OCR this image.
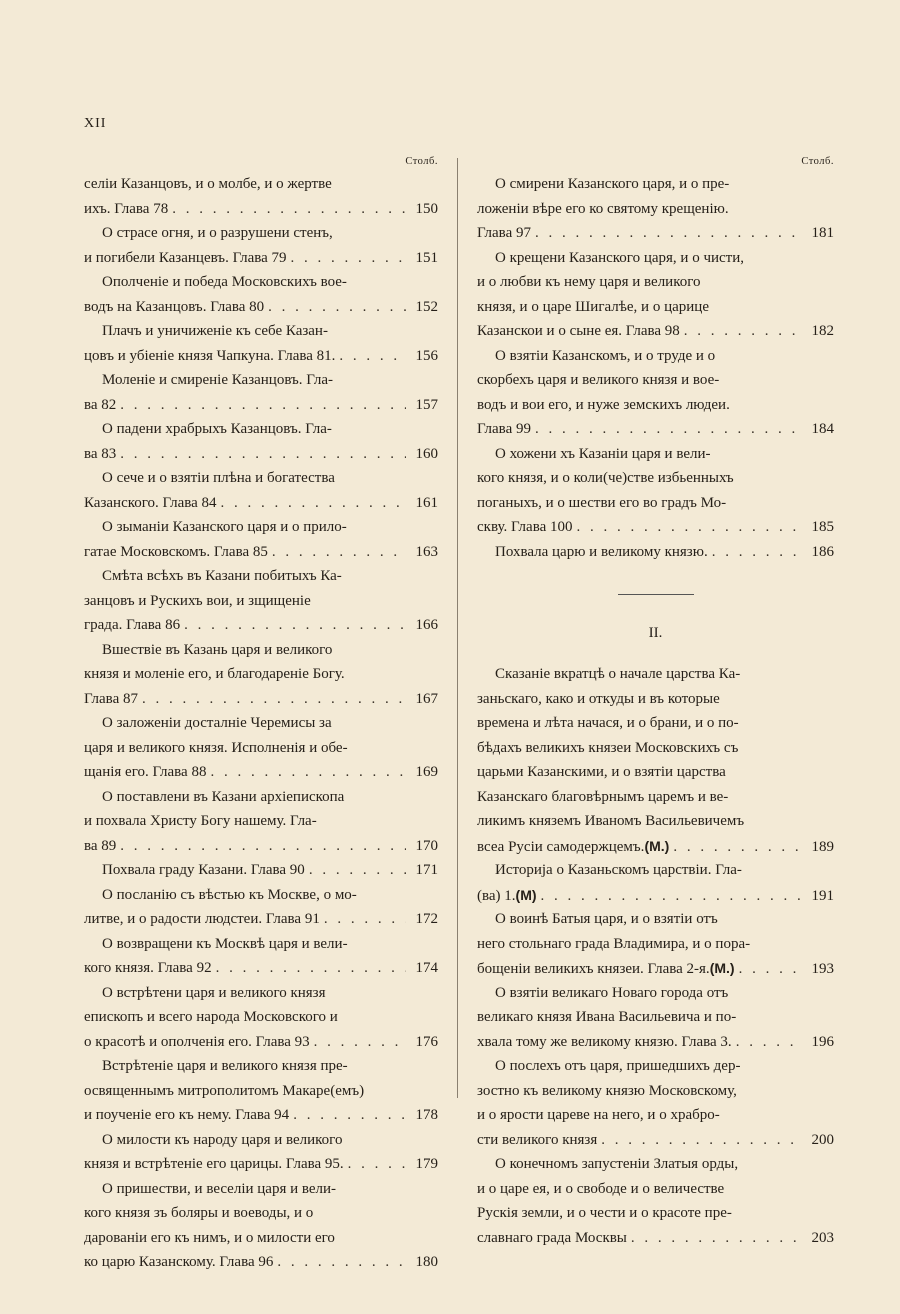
XII
Столб.
селіи Казанцовъ, и о молбе, и о жертве
ихъ. Глава 78 . . .	150
О страсе огня, и о разрушени стенъ,
и погибели Казанцевъ. Глава 79 . . .	151
Ополченіе и победа Московскихъ вое-
водъ на Казанцовъ. Глава 80 . . .	152
Плачъ и уничиженіе къ себе Казан-
цовъ и убіеніе князя Чапкуна. Глава 81. . . .	156
Моленіе и смиреніе Казанцовъ. Гла-
ва 82 . . .	157
О падени храбрыхъ Казанцовъ. Гла-
ва 83 . . .	160
О сече и о взятіи плѣна и богатества
Казанского. Глава 84 . . .	161
О зыманіи Казанского царя и о прило-
гатае Московскомъ. Глава 85 . . .	163
Смѣта всѣхъ въ Казани побитыхъ Ка-
занцовъ и Рускихъ вои, и зщищеніе
града. Глава 86 . . .	166
Вшествіе въ Казань царя и великого
князя и моленіе его, и благодареніе Богу.
Глава 87 . . .	167
О заложеніи досталніе Черемисы за
царя и великого князя. Исполненія и обе-
щанія его. Глава 88 . . .	169
О поставлени въ Казани архіепископа
и похвала Христу Богу нашему. Гла-
ва 89 . . .	170
Похвала граду Казани. Глава 90 . . .	171
О посланію съ вѣстью къ Москве, о мо-
литве, и о радости людстеи. Глава 91 . . .	172
О возвращени къ Москвѣ царя и вели-
кого князя. Глава 92 . . .	174
О встрѣтени царя и великого князя
епископъ и всего народа Московского и
о красотѣ и ополченія его. Глава 93 . . .	176
Встрѣтеніе царя и великого князя пре-
освященнымъ митрополитомъ Макаре(емъ)
и поученіе его къ нему. Глава 94 . . .	178
О милости къ народу царя и великого
князя и встрѣтеніе его царицы. Глава 95. . . .	179
О пришестви, и веселіи царя и вели-
кого князя зъ боляры и воеводы, и о
дарованіи его къ нимъ, и о милости его
ко царю Казанскому. Глава 96 . . .	180
Столб.
О смирени Казанского царя, и о пре-
ложеніи вѣре его ко святому крещенію.
Глава 97 . . .	181
О крещени Казанского царя, и о чисти,
и о любви къ нему царя и великого
князя, и о царе Шигалѣе, и о царице
Казанскои и о сыне ея. Глава 98 . . .	182
О взятіи Казанскомъ, и о труде и о
скорбехъ царя и великого князя и вое-
водъ и вои его, и нуже земскихъ людеи.
Глава 99 . . .	184
О хожени хъ Казаніи царя и вели-
кого князя, и о коли(че)стве избьенныхъ
поганыхъ, и о шестви его во градъ Мо-
скву. Глава 100 . . .	185
Похвала царю и великому князю. . . .	186
II.
Сказаніе вкратцѣ о начале царства Ка-
заньскаго, како и откуды и въ которые
времена и лѣта начася, и о брани, и о по-
бѣдахъ великихъ князеи Московскихъ съ
царьми Казанскими, и о взятіи царства
Казанскаго благовѣрнымъ царемъ и ве-
ликимъ княземъ Иваномъ Васильевичемъ
всеа Русіи самодержцемъ. (М.) . . .	189
Историја о Казаньскомъ царствіи. Гла-
(ва) 1. (М) . . .	191
О воинѣ Батыя царя, и о взятіи отъ
него стольнаго града Владимира, и о пора-
бощеніи великихъ князеи. Глава 2-я. (М.) . . .	193
О взятіи великаго Новаго города отъ
великаго князя Ивана Васильевича и по-
хвала тому же великому князю. Глава 3. . . .	196
О послехъ отъ царя, пришедшихъ дер-
зостно къ великому князю Московскому,
и о ярости цареве на него, и о храбро-
сти великого князя . . .	200
О конечномъ запустеніи Златыя орды,
и о царе ея, и о свободе и о величестве
Рускія земли, и о чести и о красоте пре-
славнаго града Москвы . . .	203
